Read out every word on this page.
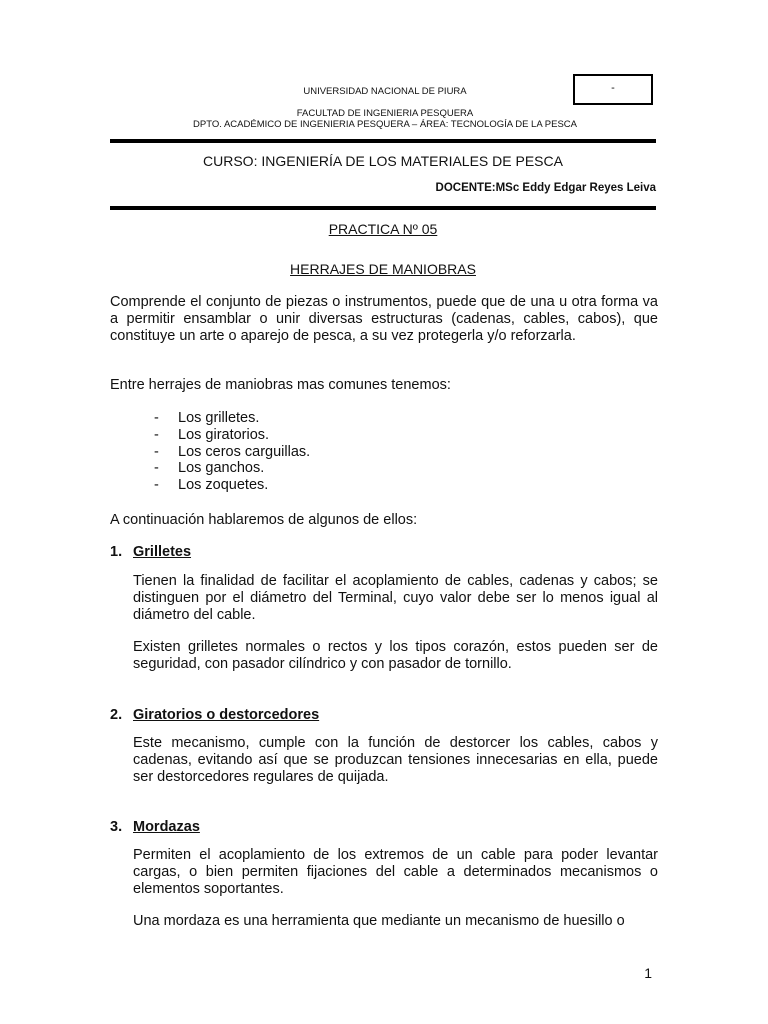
UNIVERSIDAD NACIONAL DE PIURA
FACULTAD DE INGENIERIA PESQUERA
DPTO. ACADÉMICO DE INGENIERIA PESQUERA – ÁREA: TECNOLOGÍA DE LA PESCA
-
CURSO: INGENIERÍA DE LOS MATERIALES DE PESCA
DOCENTE:MSc Eddy Edgar Reyes Leiva
PRACTICA Nº 05
HERRAJES DE MANIOBRAS
Comprende el conjunto de piezas o instrumentos, puede que de una u otra forma va a permitir ensamblar o unir diversas estructuras (cadenas, cables, cabos), que constituye un arte o aparejo de pesca, a su vez protegerla y/o reforzarla.
Entre herrajes de maniobras mas comunes tenemos:
- Los grilletes.
- Los giratorios.
- Los ceros carguillas.
- Los ganchos.
- Los zoquetes.
A continuación hablaremos de algunos de ellos:
1. Grilletes
Tienen la finalidad de facilitar el acoplamiento de cables, cadenas y cabos; se distinguen por el diámetro del Terminal, cuyo valor debe ser lo menos igual al diámetro del cable.
Existen grilletes normales o rectos y los tipos corazón, estos pueden ser de seguridad, con pasador cilíndrico y con pasador de tornillo.
2. Giratorios o destorcedores
Este mecanismo, cumple con la función de destorcer los cables, cabos y cadenas, evitando así que se produzcan tensiones innecesarias en ella, puede ser destorcedores regulares de quijada.
3. Mordazas
Permiten el acoplamiento de los extremos de un cable para poder levantar cargas, o bien permiten fijaciones del cable a determinados mecanismos o elementos soportantes.
Una mordaza es una herramienta que mediante un mecanismo de huesillo o
1
